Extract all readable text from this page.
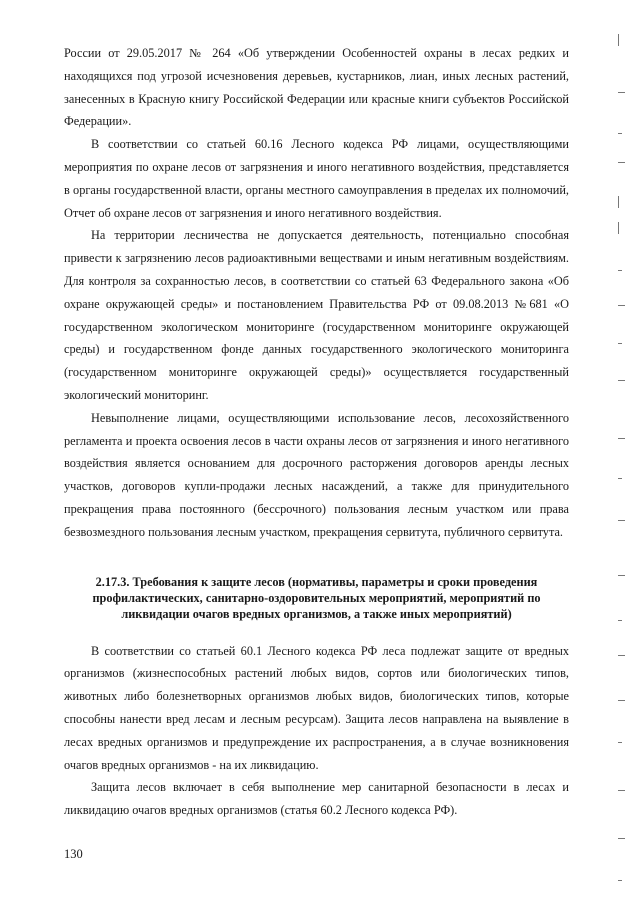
России от 29.05.2017 № 264 «Об утверждении Особенностей охраны в лесах редких и находящихся под угрозой исчезновения деревьев, кустарников, лиан, иных лесных растений, занесенных в Красную книгу Российской Федерации или красные книги субъектов Российской Федерации».

В соответствии со статьей 60.16 Лесного кодекса РФ лицами, осуществляющими мероприятия по охране лесов от загрязнения и иного негативного воздействия, представляется в органы государственной власти, органы местного самоуправления в пределах их полномочий, Отчет об охране лесов от загрязнения и иного негативного воздействия.

На территории лесничества не допускается деятельность, потенциально способная привести к загрязнению лесов радиоактивными веществами и иным негативным воздействиям. Для контроля за сохранностью лесов, в соответствии со статьей 63 Федерального закона «Об охране окружающей среды» и постановлением Правительства РФ от 09.08.2013 №681 «О государственном экологическом мониторинге (государственном мониторинге окружающей среды) и государственном фонде данных государственного экологического мониторинга (государственном мониторинге окружающей среды)» осуществляется государственный экологический мониторинг.

Невыполнение лицами, осуществляющими использование лесов, лесохозяйственного регламента и проекта освоения лесов в части охраны лесов от загрязнения и иного негативного воздействия является основанием для досрочного расторжения договоров аренды лесных участков, договоров купли-продажи лесных насаждений, а также для принудительного прекращения права постоянного (бессрочного) пользования лесным участком или права безвозмездного пользования лесным участком, прекращения сервитута, публичного сервитута.

2.17.3. Требования к защите лесов (нормативы, параметры и сроки проведения
профилактических, санитарно-оздоровительных мероприятий, мероприятий по
ликвидации очагов вредных организмов, а также иных мероприятий)

В соответствии со статьей 60.1 Лесного кодекса РФ леса подлежат защите от вредных организмов (жизнеспособных растений любых видов, сортов или биологических типов, животных либо болезнетворных организмов любых видов, биологических типов, которые способны нанести вред лесам и лесным ресурсам). Защита лесов направлена на выявление в лесах вредных организмов и предупреждение их распространения, а в случае возникновения очагов вредных организмов - на их ликвидацию.

Защита лесов включает в себя выполнение мер санитарной безопасности в лесах и ликвидацию очагов вредных организмов (статья 60.2 Лесного кодекса РФ).

130
